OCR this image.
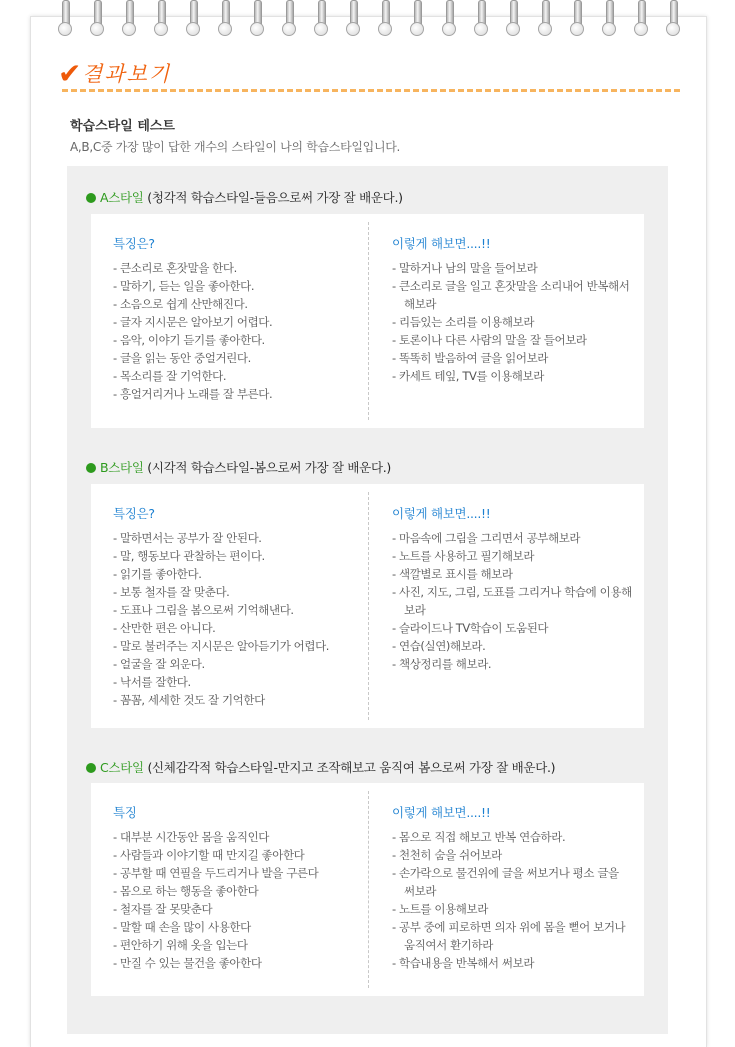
✔ 결과보기
학습스타일 테스트
A,B,C중 가장 많이 답한 개수의 스타일이 나의 학습스타일입니다.
A스타일 (청각적 학습스타일-들음으로써 가장 잘 배운다.)
특징은?
- 큰소리로 혼잣말을 한다.
- 말하기, 듣는 일을 좋아한다.
- 소음으로 쉽게 산만해진다.
- 글자 지시문은 알아보기 어렵다.
- 음악, 이야기 듣기를 좋아한다.
- 글을 읽는 동안 중얼거린다.
- 목소리를 잘 기억한다.
- 흥얼거리거나 노래를 잘 부른다.
이렇게 해보면....!!
- 말하거나 남의 말을 들어보라
- 큰소리로 글을 일고 혼잣말을 소리내어 반복해서 해보라
- 리듬있는 소리를 이용해보라
- 토론이나 다른 사람의 말을 잘 들어보라
- 똑똑히 발음하여 글을 읽어보라
- 카세트 테잎, TV를 이용해보라
B스타일 (시각적 학습스타일-봄으로써 가장 잘 배운다.)
특징은?
- 말하면서는 공부가 잘 안된다.
- 말, 행동보다 관찰하는 편이다.
- 읽기를 좋아한다.
- 보통 철자를 잘 맞춘다.
- 도표나 그림을 봄으로써 기억해낸다.
- 산만한 편은 아니다.
- 말로 불러주는 지시문은 알아듣기가 어렵다.
- 얼굴을 잘 외운다.
- 낙서를 잘한다.
- 꼼꼼, 세세한 것도 잘 기억한다
이렇게 해보면....!!
- 마음속에 그림을 그리면서 공부해보라
- 노트를 사용하고 필기해보라
- 색깔별로 표시를 해보라
- 사진, 지도, 그림, 도표를 그리거나 학습에 이용해보라
- 슬라이드나 TV학습이 도움된다
- 연습(실연)해보라.
- 책상정리를 해보라.
C스타일 (신체감각적 학습스타일-만지고 조작해보고 움직여 봄으로써 가장 잘 배운다.)
특징
- 대부분 시간동안 몸을 움직인다
- 사람들과 이야기할 때 만지길 좋아한다
- 공부할 때 연필을 두드리거나 발을 구른다
- 몸으로 하는 행동을 좋아한다
- 철자를 잘 못맞춘다
- 말할 때 손을 많이 사용한다
- 편안하기 위해 옷을 입는다
- 만질 수 있는 물건을 좋아한다
이렇게 해보면....!!
- 몸으로 직접 해보고 반복 연습하라.
- 천천히 숨을 쉬어보라
- 손가락으로 물건위에 글을 써보거나 평소 글을 써보라
- 노트를 이용해보라
- 공부 중에 피로하면 의자 위에 몸을 뻗어 보거나 움직여서 환기하라
- 학습내용을 반복해서 써보라
